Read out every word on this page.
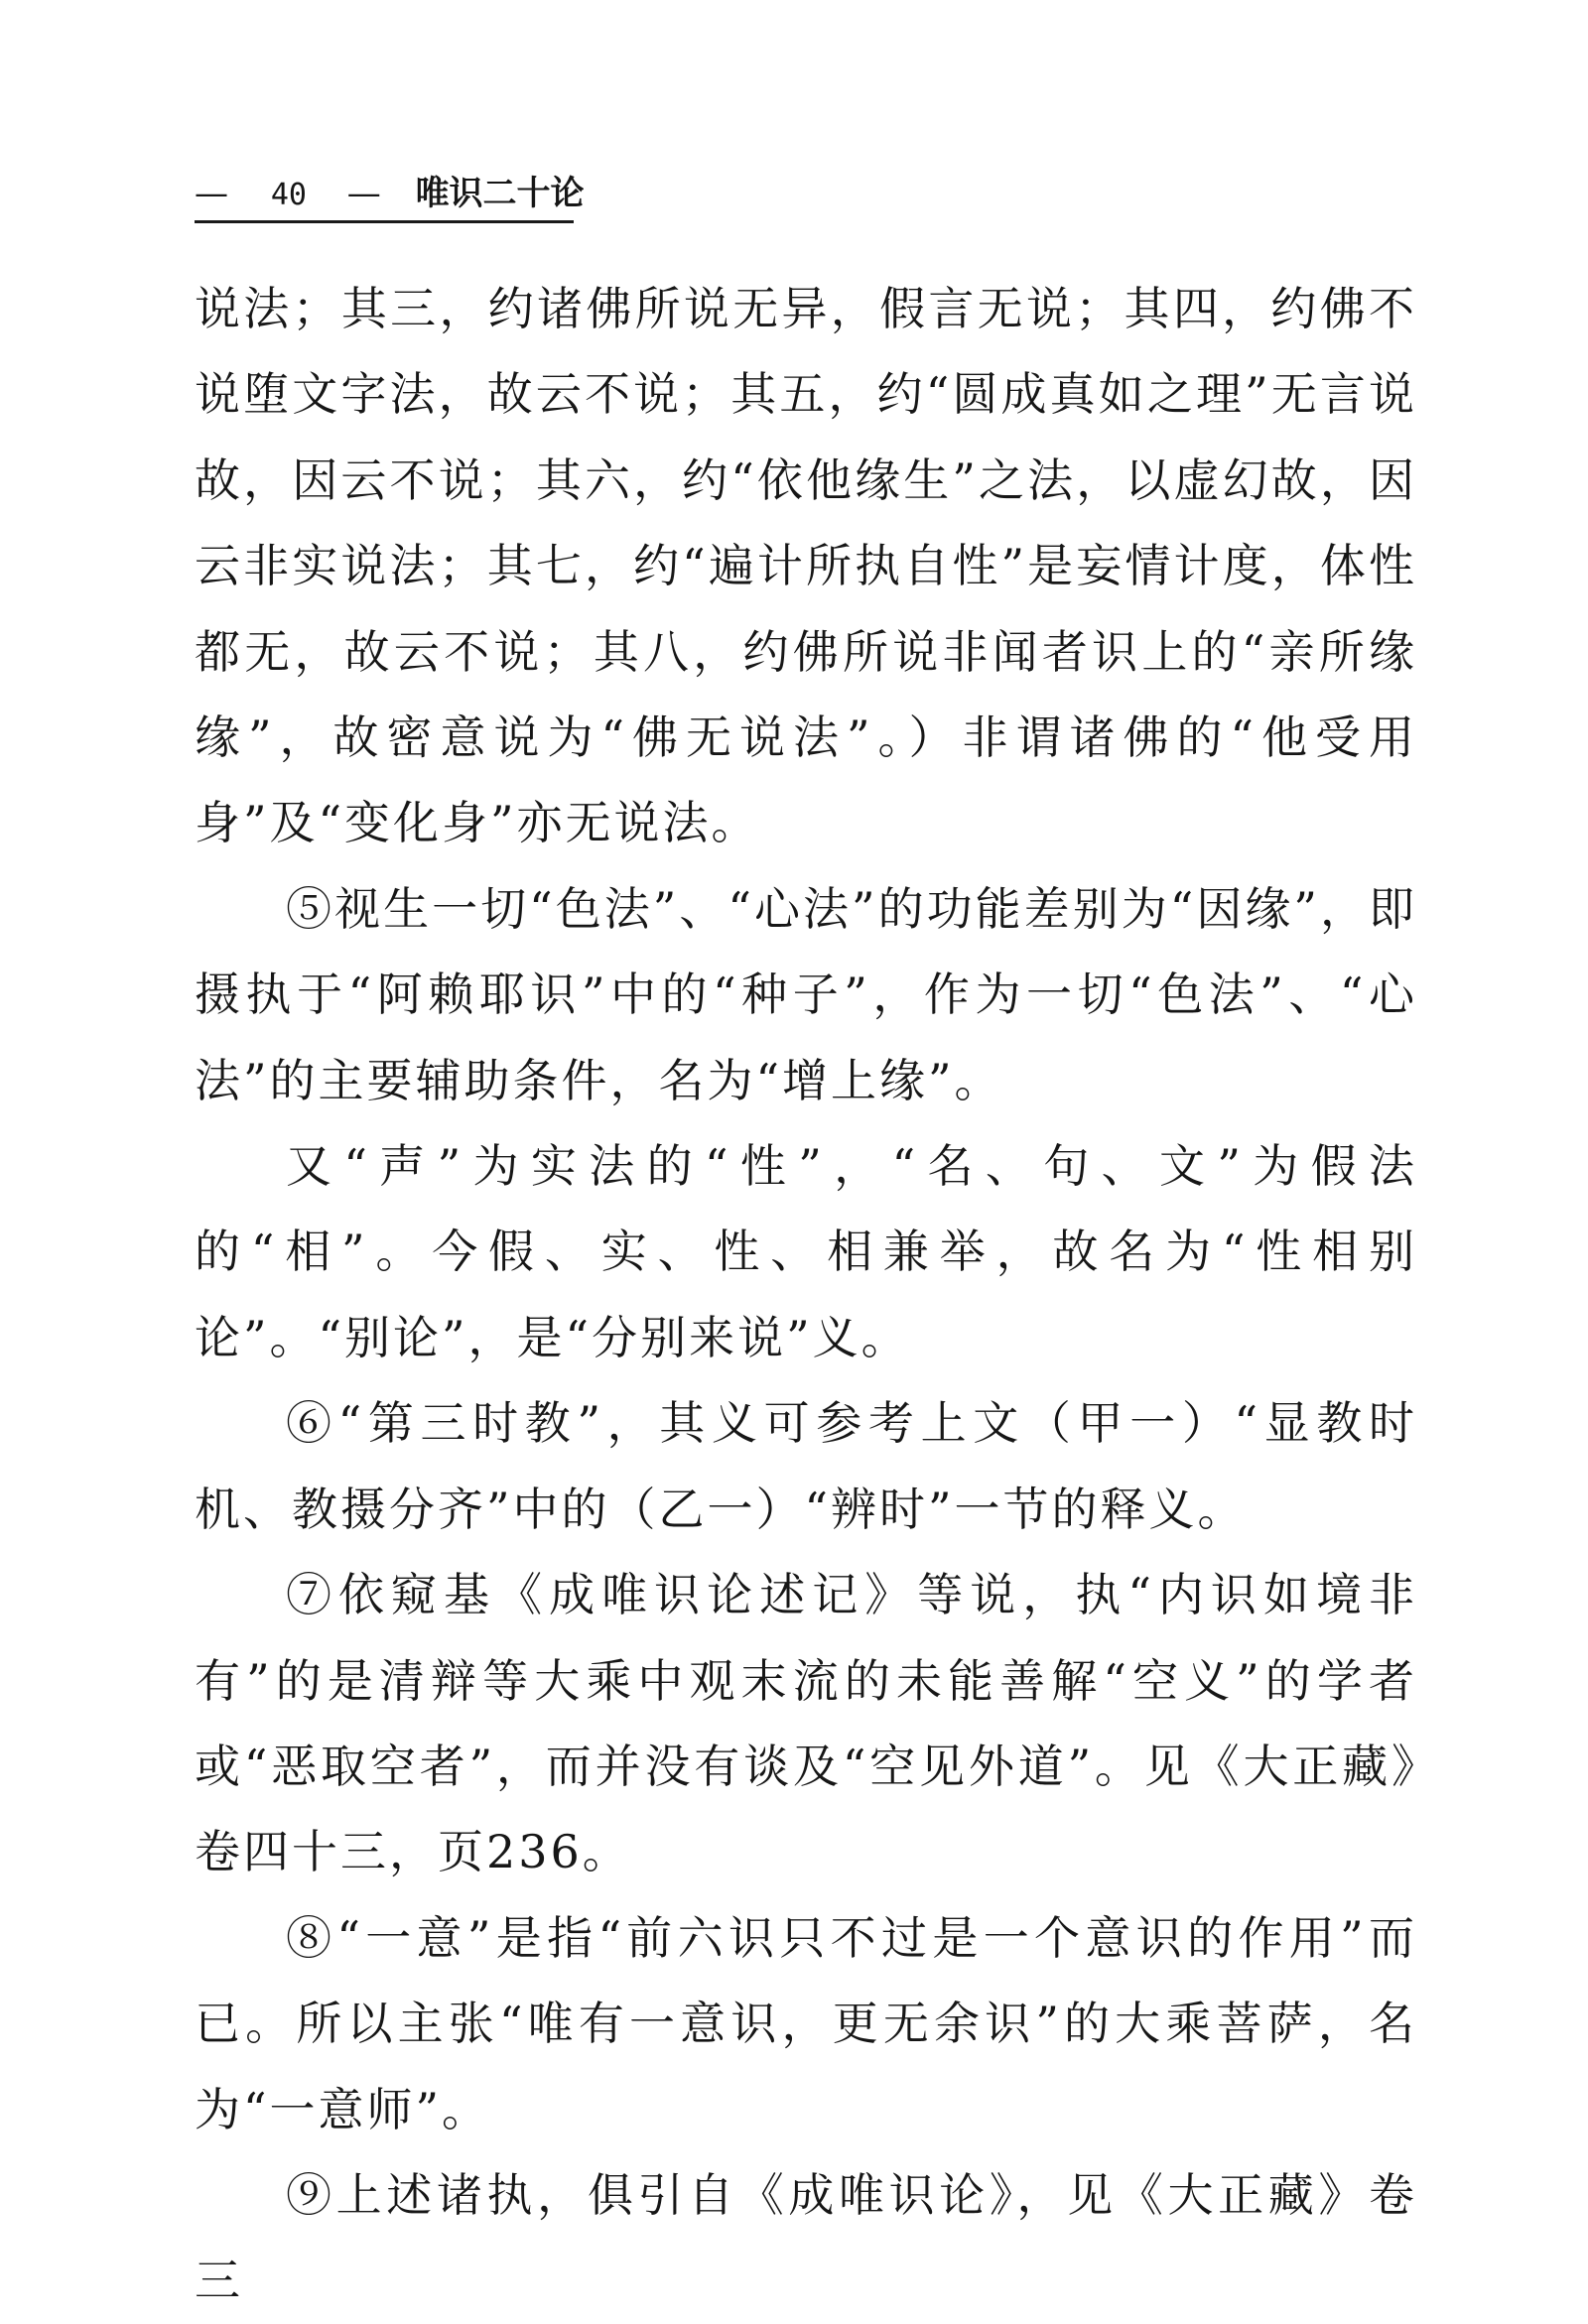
— 40 — 唯识二十论

说法；其三，约诸佛所说无异，假言无说；其四，约佛不说堕文字法，故云不说；其五，约“圆成真如之理”无言说故，因云不说；其六，约“依他缘生”之法，以虚幻故，因云非实说法；其七，约“遍计所执自性”是妄情计度，体性都无，故云不说；其八，约佛所说非闻者识上的“亲所缘缘”，故密意说为“佛无说法”。）非谓诸佛的“他受用身”及“变化身”亦无说法。

⑤视生一切“色法”、“心法”的功能差别为“因缘”，即摄执于“阿赖耶识”中的“种子”，作为一切“色法”、“心法”的主要辅助条件，名为“增上缘”。

又“声”为实法的“性”，“名、句、文”为假法的“相”。今假、实、性、相兼举，故名为“性相别论”。“别论”，是“分别来说”义。

⑥“第三时教”，其义可参考上文（甲一）“显教时机、教摄分齐”中的（乙一）“辨时”一节的释义。

⑦依窥基《成唯识论述记》等说，执“内识如境非有”的是清辩等大乘中观末流的未能善解“空义”的学者或“恶取空者”，而并没有谈及“空见外道”。见《大正藏》卷四十三，页236。

⑧“一意”是指“前六识只不过是一个意识的作用”而已。所以主张“唯有一意识，更无余识”的大乘菩萨，名为“一意师”。

⑨上述诸执，俱引自《成唯识论》，见《大正藏》卷三
